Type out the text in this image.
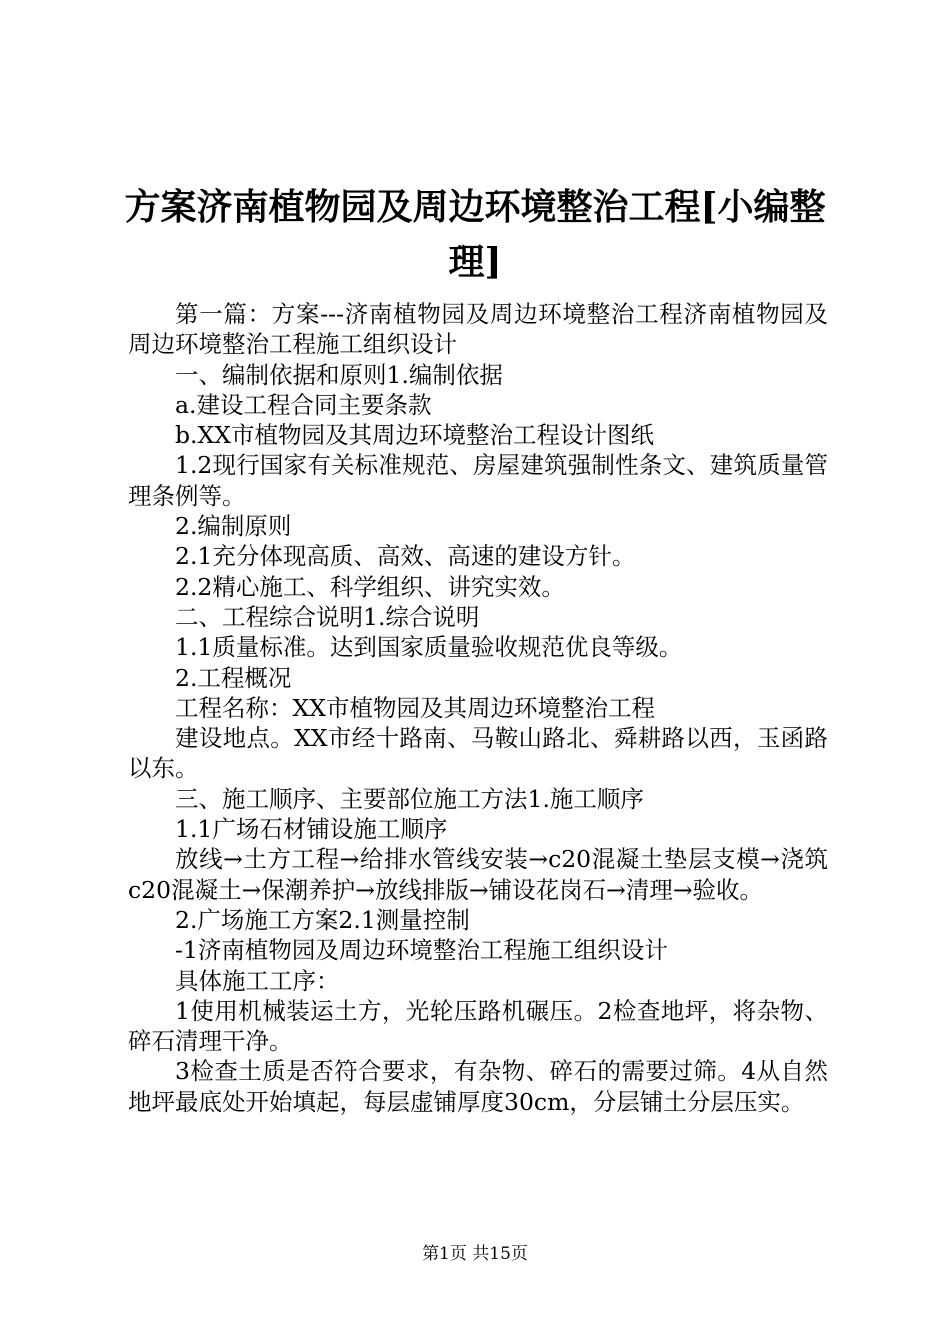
方案济南植物园及周边环境整治工程[小编整理]

第一篇：方案---济南植物园及周边环境整治工程济南植物园及周边环境整治工程施工组织设计

一、编制依据和原则1.编制依据

a.建设工程合同主要条款

b.XX市植物园及其周边环境整治工程设计图纸

1.2现行国家有关标准规范、房屋建筑强制性条文、建筑质量管理条例等。

2.编制原则

2.1充分体现高质、高效、高速的建设方针。

2.2精心施工、科学组织、讲究实效。

二、工程综合说明1.综合说明

1.1质量标准。达到国家质量验收规范优良等级。

2.工程概况

工程名称：XX市植物园及其周边环境整治工程

建设地点。XX市经十路南、马鞍山路北、舜耕路以西，玉函路以东。

三、施工顺序、主要部位施工方法1.施工顺序

1.1广场石材铺设施工顺序

放线→土方工程→给排水管线安装→c20混凝土垫层支模→浇筑c20混凝土→保潮养护→放线排版→铺设花岗石→清理→验收。

2.广场施工方案2.1测量控制

-1济南植物园及周边环境整治工程施工组织设计

具体施工工序：

1使用机械装运土方，光轮压路机碾压。2检查地坪，将杂物、碎石清理干净。

3检查土质是否符合要求，有杂物、碎石的需要过筛。4从自然地坪最底处开始填起，每层虚铺厚度30cm，分层铺土分层压实。

第1页 共15页
